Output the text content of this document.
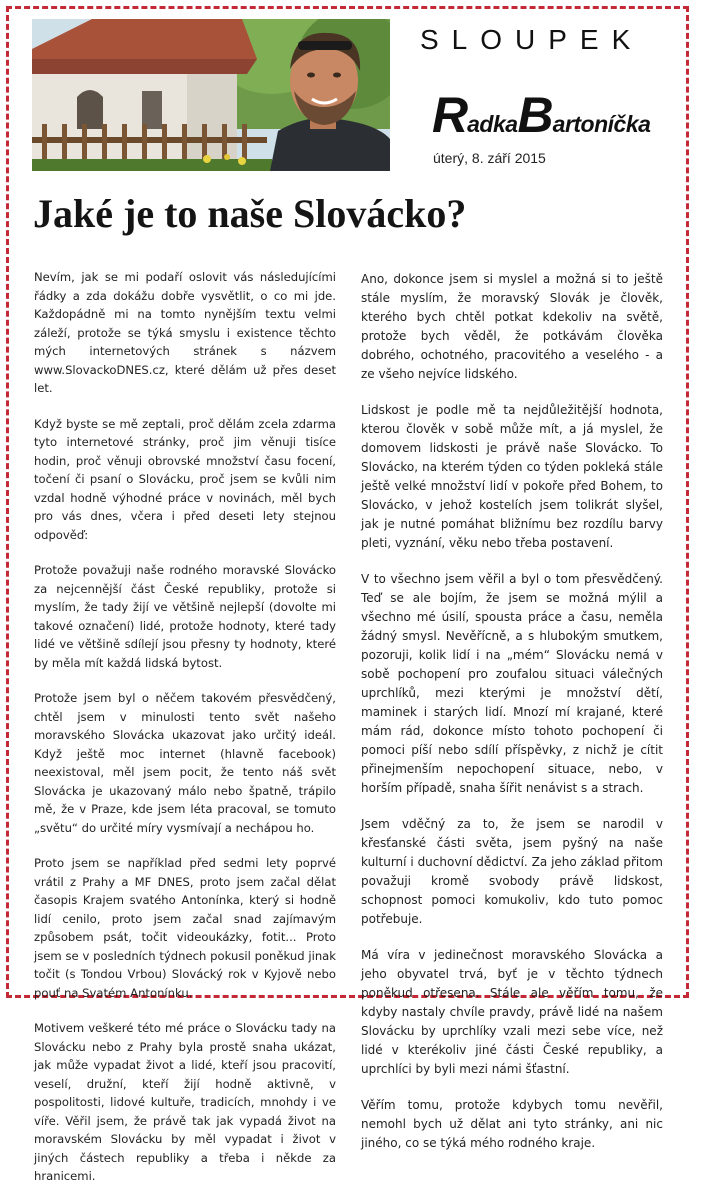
SLOUPEK
RadkaBartoníčka
úterý, 8. září 2015
Jaké je to naše Slovácko?

Nevím, jak se mi podaří oslovit vás následujícími řádky a zda dokážu dobře vysvětlit, o co mi jde. Každopádně mi na tomto nynějším textu velmi záleží, protože se týká smyslu i existence těchto mých internetových stránek s názvem www.SlovackoDNES.cz, které dělám už přes deset let.

Když byste se mě zeptali, proč dělám zcela zdarma tyto internetové stránky, proč jim věnuji tisíce hodin, proč věnuji obrovské množství času focení, točení či psaní o Slovácku, proč jsem se kvůli nim vzdal hodně výhodné práce v novinách, měl bych pro vás dnes, včera i před deseti lety stejnou odpověď:

Protože považuji naše rodného moravské Slovácko za nejcennější část České republiky, protože si myslím, že tady žijí ve většině nejlepší (dovolte mi takové označení) lidé, protože hodnoty, které tady lidé ve většině sdílejí jsou přesny ty hodnoty, které by měla mít každá lidská bytost.

Protože jsem byl o něčem takovém přesvědčený, chtěl jsem v minulosti tento svět našeho moravského Slovácka ukazovat jako určitý ideál. Když ještě moc internet (hlavně facebook) neexistoval, měl jsem pocit, že tento náš svět Slovácka je ukazovaný málo nebo špatně, trápilo mě, že v Praze, kde jsem léta pracoval, se tomuto „světu“ do určité míry vysmívají a nechápou ho.

Proto jsem se například před sedmi lety poprvé vrátil z Prahy a MF DNES, proto jsem začal dělat časopis Krajem svatého Antonínka, který si hodně lidí cenilo, proto jsem začal snad zajímavým způsobem psát, točit videoukázky, fotit... Proto jsem se v posledních týdnech pokusil poněkud jinak točit (s Tondou Vrbou) Slovácký rok v Kyjově nebo pouť na Svatém Antonínku.

Motivem veškeré této mé práce o Slovácku tady na Slovácku nebo z Prahy byla prostě snaha ukázat, jak může vypadat život a lidé, kteří jsou pracovití, veselí, družní, kteří žijí hodně aktivně, v pospolitosti, lidové kultuře, tradicích, mnohdy i ve víře. Věřil jsem, že právě tak jak vypadá život na moravském Slovácku by měl vypadat i život v jiných částech republiky a třeba i někde za hranicemi.

Ano, dokonce jsem si myslel a možná si to ještě stále myslím, že moravský Slovák je člověk, kterého bych chtěl potkat kdekoliv na světě, protože bych věděl, že potkávám člověka dobrého, ochotného, pracovitého a veselého - a ze všeho nejvíce lidského.

Lidskost je podle mě ta nejdůležitější hodnota, kterou člověk v sobě může mít, a já myslel, že domovem lidskosti je právě naše Slovácko. To Slovácko, na kterém týden co týden pokleká stále ještě velké množství lidí v pokoře před Bohem, to Slovácko, v jehož kostelích jsem tolikrát slyšel, jak je nutné pomáhat bližnímu bez rozdílu barvy pleti, vyznání, věku nebo třeba postavení.

V to všechno jsem věřil a byl o tom přesvědčený. Teď se ale bojím, že jsem se možná mýlil a všechno mé úsilí, spousta práce a času, neměla žádný smysl. Nevěřícně, a s hlubokým smutkem, pozoruji, kolik lidí i na „mém“ Slovácku nemá v sobě pochopení pro zoufalou situaci válečných uprchlíků, mezi kterými je množství dětí, maminek i starých lidí. Mnozí mí krajané, které mám rád, dokonce místo tohoto pochopení či pomoci píší nebo sdílí příspěvky, z nichž je cítit přinejmenším nepochopení situace, nebo, v horším případě, snaha šířit nenávist s a strach.

Jsem vděčný za to, že jsem se narodil v křesťanské části světa, jsem pyšný na naše kulturní i duchovní dědictví. Za jeho základ přitom považuji kromě svobody právě lidskost, schopnost pomoci komukoliv, kdo tuto pomoc potřebuje.

Má víra v jedinečnost moravského Slovácka a jeho obyvatel trvá, byť je v těchto týdnech poněkud otřesena. Stále ale věřím tomu, že kdyby nastaly chvíle pravdy, právě lidé na našem Slovácku by uprchlíky vzali mezi sebe více, než lidé v kterékoliv jiné části České republiky, a uprchlíci by byli mezi námi šťastní.

Věřím tomu, protože kdybych tomu nevěřil, nemohl bych už dělat ani tyto stránky, ani nic jiného, co se týká mého rodného kraje.
